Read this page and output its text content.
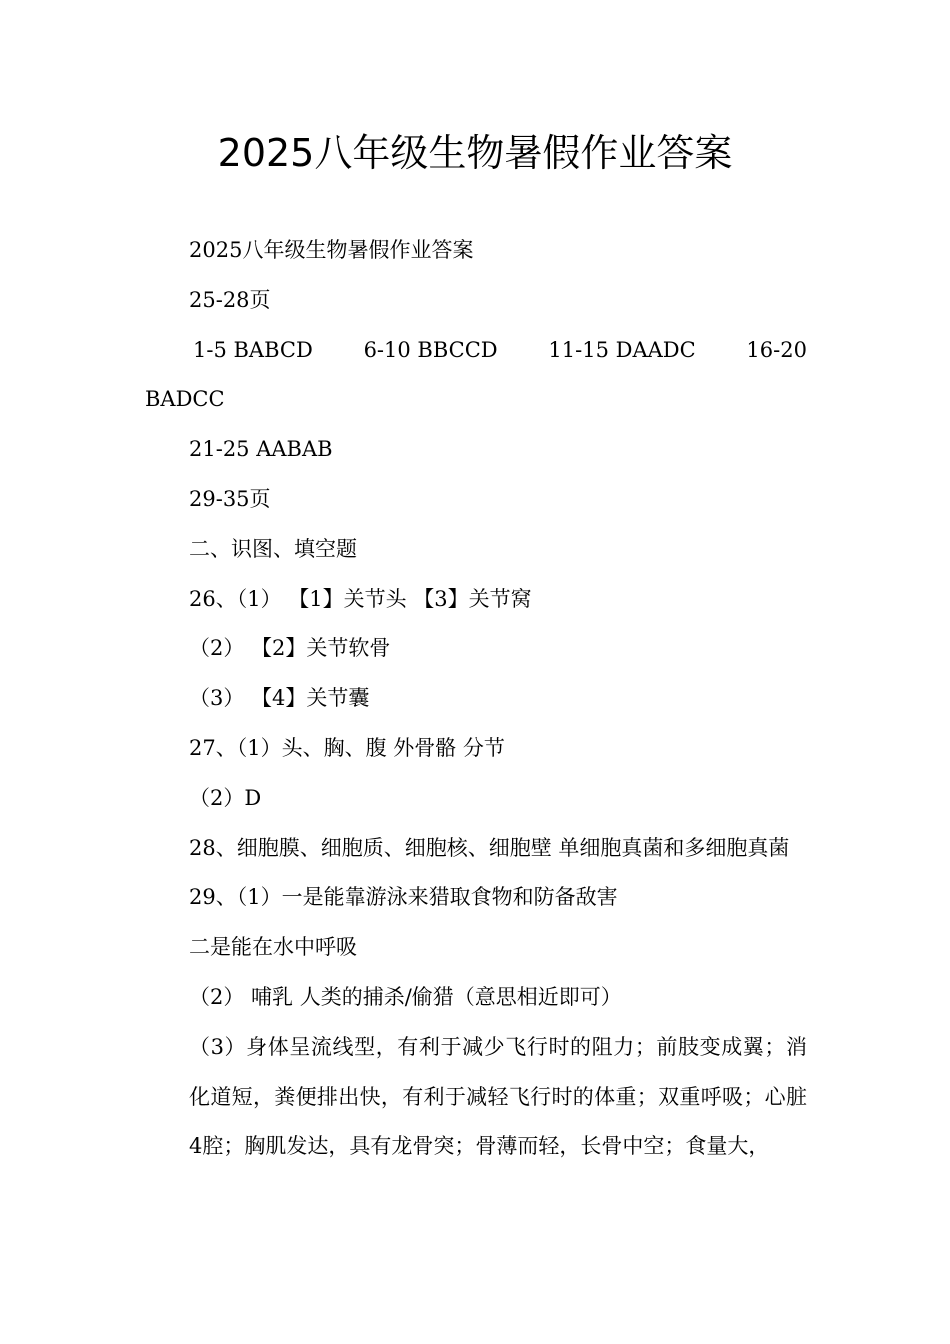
2025八年级生物暑假作业答案

2025八年级生物暑假作业答案

25-28页

1-5 BABCD 6-10 BBCCD 11-15 DAADC 16-20

BADCC

21-25 AABAB

29-35页

二、识图、填空题

26、（1） 【1】关节头 【3】关节窝

（2） 【2】关节软骨

（3） 【4】关节囊

27、（1）头、胸、腹 外骨骼 分节

（2）D

28、细胞膜、细胞质、细胞核、细胞壁 单细胞真菌和多细胞真菌

29、（1）一是能靠游泳来猎取食物和防备敌害

二是能在水中呼吸

（2） 哺乳 人类的捕杀/偷猎（意思相近即可）

（3）身体呈流线型，有利于减少飞行时的阻力；前肢变成翼；消化道短，粪便排出快，有利于减轻飞行时的体重；双重呼吸；心脏4腔；胸肌发达，具有龙骨突；骨薄而轻，长骨中空；食量大，
